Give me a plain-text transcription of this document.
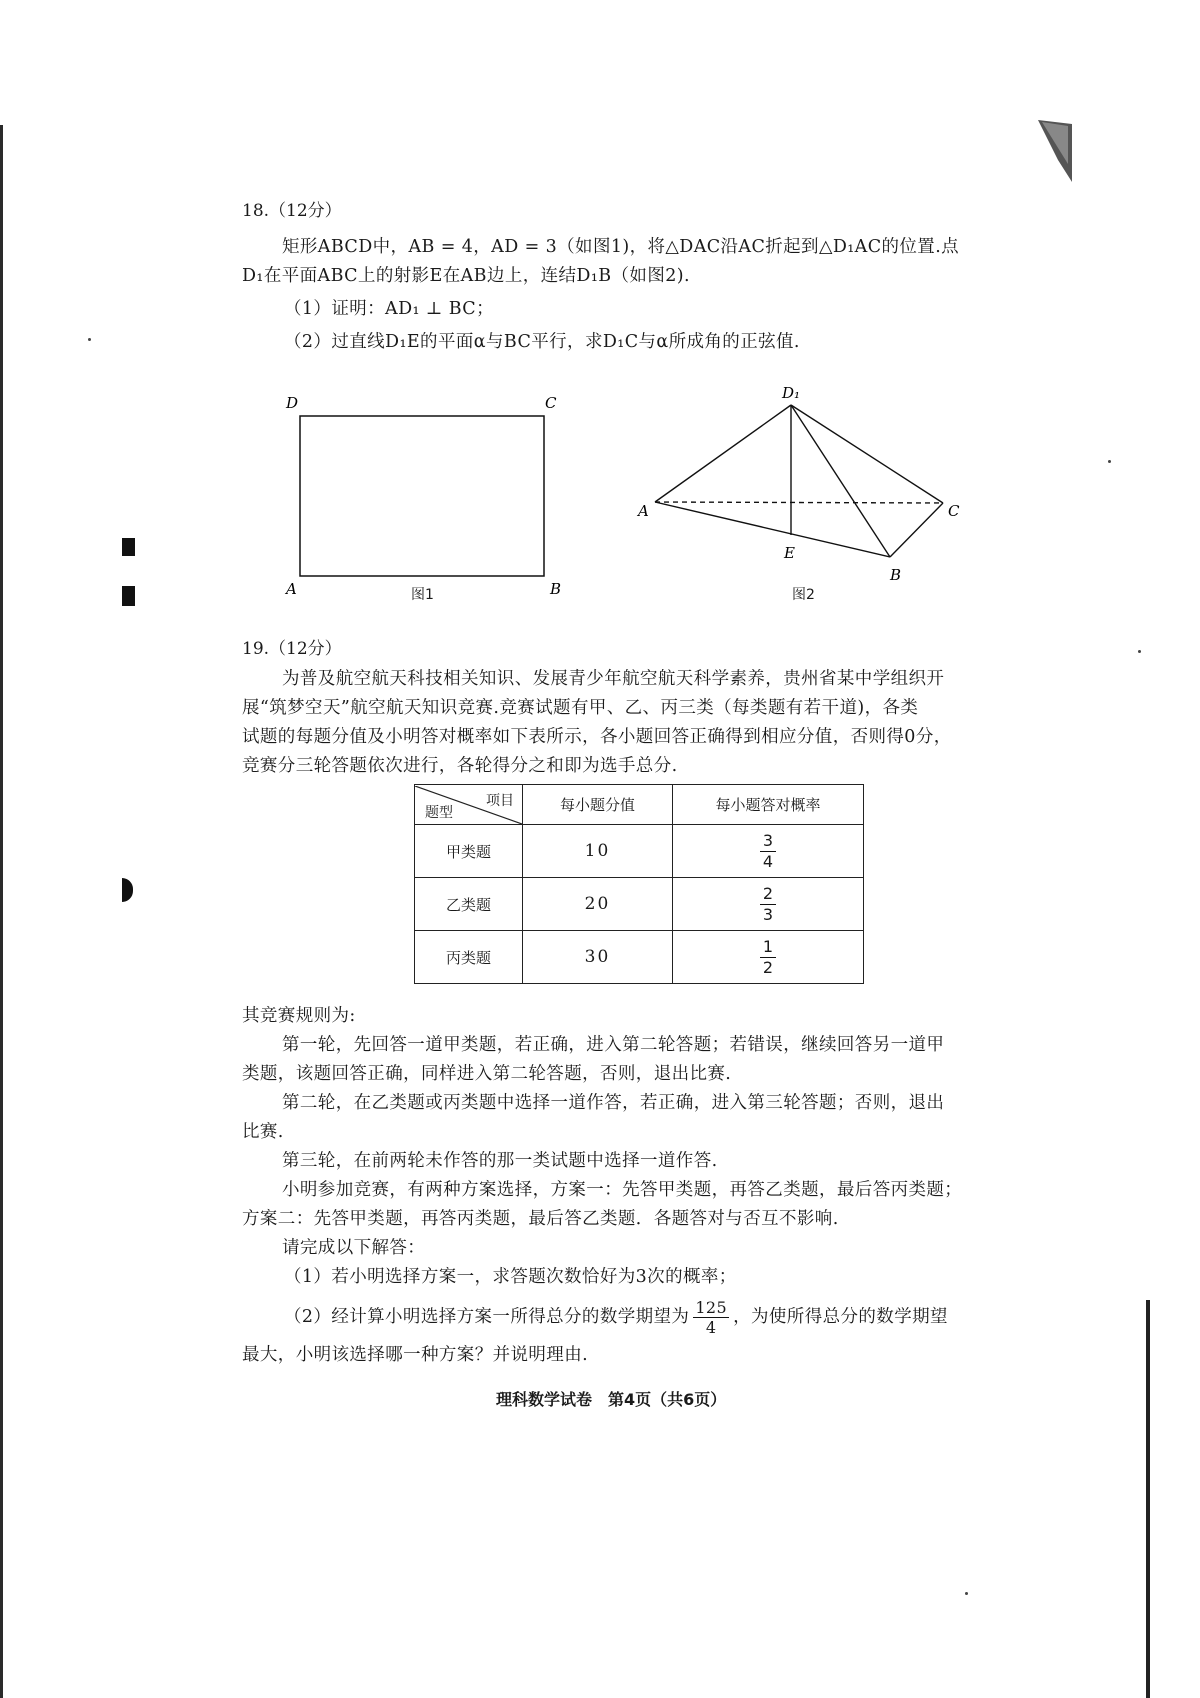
18.（12分）

矩形ABCD中，AB = 4，AD = 3（如图1)，将△DAC沿AC折起到△D₁AC的位置.点

D₁在平面ABC上的射影E在AB边上，连结D₁B（如图2).

（1）证明：AD₁ ⊥ BC；

（2）过直线D₁E的平面α与BC平行，求D₁C与α所成角的正弦值.

D	C
A	B
图1
D₁
A	C
E
B
图2
19.（12分）

为普及航空航天科技相关知识、发展青少年航空航天科学素养，贵州省某中学组织开

展“筑梦空天”航空航天知识竞赛.竞赛试题有甲、乙、丙三类（每类题有若干道)，各类

试题的每题分值及小明答对概率如下表所示，各小题回答正确得到相应分值，否则得0分，

竞赛分三轮答题依次进行，各轮得分之和即为选手总分.

项目
题型	每小题分值	每小题答对概率
甲类题	10	$\frac{3}{4}$

乙类题	20	$\frac{2}{3}$

丙类题	30	$\frac{1}{2}$

其竞赛规则为:

第一轮，先回答一道甲类题，若正确，进入第二轮答题；若错误，继续回答另一道甲

类题，该题回答正确，同样进入第二轮答题，否则，退出比赛.

第二轮，在乙类题或丙类题中选择一道作答，若正确，进入第三轮答题；否则，退出

比赛.

第三轮，在前两轮未作答的那一类试题中选择一道作答.

小明参加竞赛，有两种方案选择，方案一：先答甲类题，再答乙类题，最后答丙类题；

方案二：先答甲类题，再答丙类题，最后答乙类题．各题答对与否互不影响.

请完成以下解答：

（1）若小明选择方案一，求答题次数恰好为3次的概率；

（2）经计算小明选择方案一所得总分的数学期望为 $\frac{125}{4}$ ，为使所得总分的数学期望

最大，小明该选择哪一种方案？并说明理由.

理科数学试卷　第4页（共6页）
